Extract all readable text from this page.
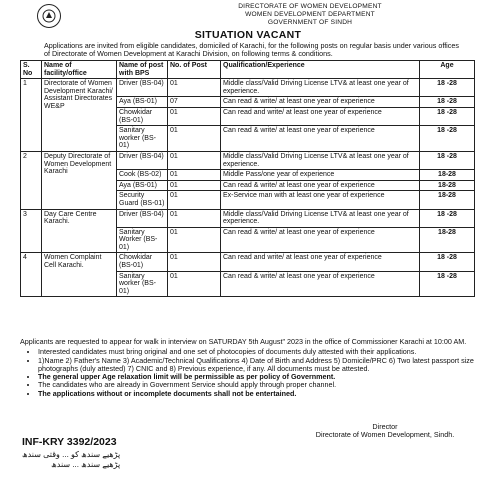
DIRECTORATE OF WOMEN DEVELOPMENT
WOMEN DEVELOPMENT DEPARTMENT
GOVERNMENT OF SINDH
SITUATION VACANT
Applications are invited from eligible candidates, domiciled of Karachi, for the following posts on regular basis under various offices of Directorate of Women Development at Karachi Division, on following terms & conditions.
S. No	Name of facility/office	Name of post with BPS	No. of Post	Qualification/Experience	Age
1	Directorate of Women Development Karachi/ Assistant Directorates WE&P	Driver (BS-04)	01	Middle class/Valid Driving License LTV& at least one year of experience.	18 -28
		Aya (BS-01)	07	Can read & write/ at least one year of experience	18 -28
		Chowkidar (BS-01)	01	Can read and write/ at least one year of experience	18 -28
		Sanitary worker (BS-01)	01	Can read & write/ at least one year of experience	18 -28
2	Deputy Directorate of Women Development Karachi	Driver (BS-04)	01	Middle class/Valid Driving License LTV& at least one year of experience.	18 -28
		Cook (BS-02)	01	Middle Pass/one year of experience	18-28
		Aya (BS-01)	01	Can read & write/ at least one year of experience	18-28
		Security Guard (BS-01)	01	Ex-Service man with at least one year of experience	18-28
3	Day Care Centre Karachi.	Driver (BS-04)	01	Middle class/Valid Driving License LTV& at least one year of experience.	18 -28
		Sanitary Worker (BS-01)	01	Can read & write/ at least one year of experience	18-28
4	Women Complaint Cell Karachi.	Chowkidar (BS-01)	01	Can read and write/ at least one year of experience	18 -28
		Sanitary worker (BS-01)	01	Can read & write/ at least one year of experience	18 -28

Applicants are requested to appear for walk in interview on SATURDAY 5th August" 2023 in the office of Commissioner Karachi at 10:00 AM.

• Interested candidates must bring original and one set of photocopies of documents duly attested with their applications.
• 1)Name 2) Father's Name 3) Academic/Technical Qualifications 4) Date of Birth and Address 5) Domicile/PRC 6) Two latest passport size photographs (duly attested) 7) CNIC and 8) Previous experience, if any. All documents must be attested.
• The general upper Age relaxation limit will be permissible as per policy of Government.
• The candidates who are already in Government Service should apply through proper channel.
• The applications without or incomplete documents shall not be entertained.
Director
Directorate of Women Development, Sindh.
INF-KRY 3392/2023
پڑھیے سندھ کو ... وقتی سندھ
پڑھیے سندھ ... سندھ
